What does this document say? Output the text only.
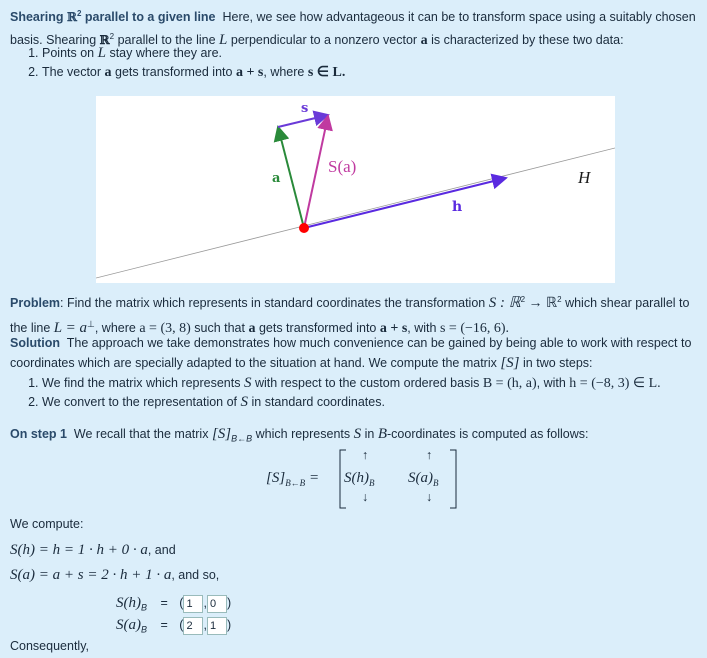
Shearing ℝ$^2$ parallel to a given line Here, we see how advantageous it can be to transform space using a suitably chosen basis. Shearing ℝ$^2$ parallel to the line L perpendicular to a nonzero vector a is characterized by these two data:
1. Points on L stay where they are.
2. The vector a gets transformed into a + s, where s ∈ L.
s
a
S(a)
h
H
Problem: Find the matrix which represents in standard coordinates the transformation S : ℝ$^2$ → ℝ$^2$ which shear parallel to the line L = a⊥, where a = (3, 8) such that a gets transformed into a + s, with s = (−16, 6).
Solution The approach we take demonstrates how much convenience can be gained by being able to work with respect to coordinates which are specially adapted to the situation at hand. We compute the matrix [S] in two steps:
1. We find the matrix which represents S with respect to the custom ordered basis B = (h, a), with h = (−8, 3) ∈ L.
2. We convert to the representation of S in standard coordinates.
On step 1 We recall that the matrix $[S]_{B\leftarrow B}$ which represents S in B-coordinates is computed as follows:
$[S]_{B\leftarrow B}$ =
↑	↑
$S(h)_B$ $S(a)_B$
↓	↓
We compute:
S(h) = h = 1 · h + 0 · a, and
S(a) = a + s = 2 · h + 1 · a, and so,
$S(h)_B$ = ( 1 , 0 )
$S(a)_B$ = ( 2 , 1 )
Consequently,
